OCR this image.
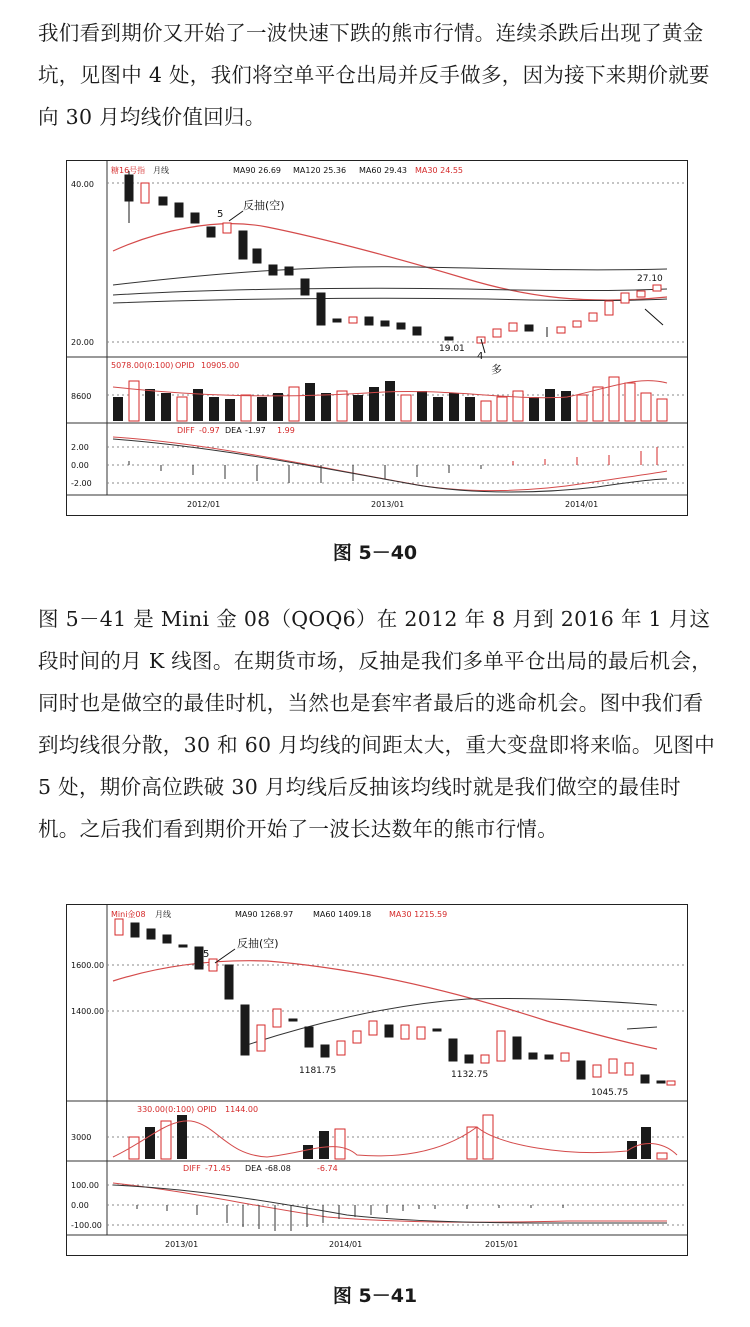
我们看到期价又开始了一波快速下跌的熊市行情。连续杀跌后出现了黄金坑，见图中 4 处，我们将空单平仓出局并反手做多，因为接下来期价就要向 30 月均线价值回归。
糖16号指 月线	MA90 26.69 MA120 25.36 MA60 29.43 MA30 24.55
40.00
20.00
8600
2.00
0.00
-2.00
5
反抽(空)
19.01
4
多
27.10
5078.00(0:100) OPID 10905.00
DIFF -0.97 DEA -1.97 1.99
2012/01	2013/01	2014/01
图 5－40
图 5－41 是 Mini 金 08（QOQ6）在 2012 年 8 月到 2016 年 1 月这段时间的月 K 线图。在期货市场，反抽是我们多单平仓出局的最后机会，同时也是做空的最佳时机，当然也是套牢者最后的逃命机会。图中我们看到均线很分散，30 和 60 月均线的间距太大，重大变盘即将来临。见图中 5 处，期价高位跌破 30 月均线后反抽该均线时就是我们做空的最佳时机。之后我们看到期价开始了一波长达数年的熊市行情。
Mini金08 月线	MA90 1268.97 MA60 1409.18 MA30 1215.59
1600.00
1400.00
3000
100.00
0.00
-100.00
5
反抽(空)
1181.75	1132.75
1045.75
330.00(0:100) OPID 1144.00
DIFF -71.45 DEA -68.08	-6.74
2013/01	2014/01	2015/01
图 5－41
